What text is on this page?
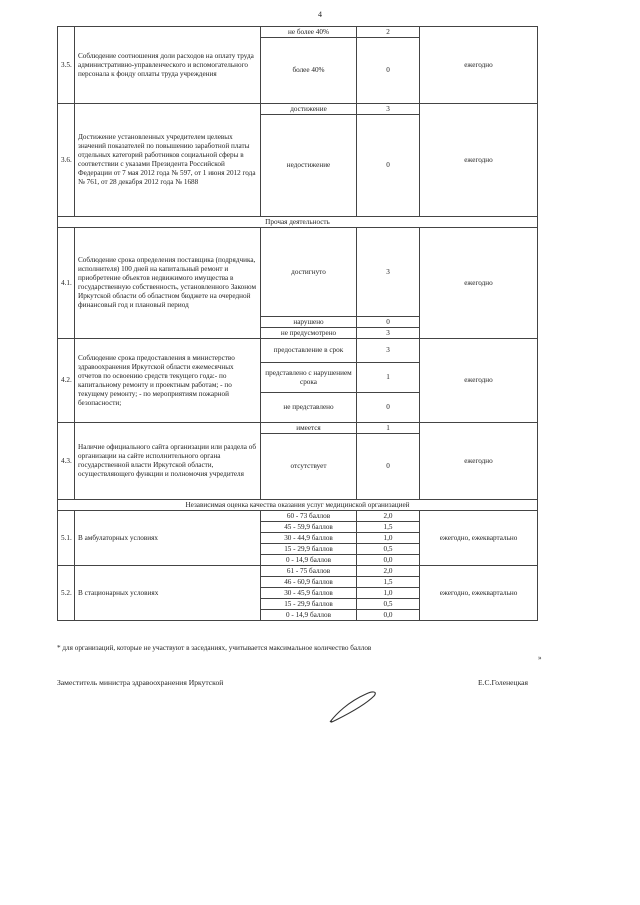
4
3.5.	Соблюдение соотношения доли расходов на оплату труда административно-управленческого и вспомогательного персонала к фонду оплаты труда учреждения	не более 40%	2	ежегодно
		более 40%	0	
3.6.	Достижение установленных учредителем целевых значений показателей по повышению заработной платы отдельных категорий работников социальной сферы в соответствии с указами Президента Российской Федерации от 7 мая 2012 года № 597, от 1 июня 2012 года № 761, от 28 декабря 2012 года № 1688	достижение	3	ежегодно
		недостижение	0	
Прочая деятельность				
4.1.	Соблюдение срока определения поставщика (подрядчика, исполнителя) 100 дней на капитальный ремонт и приобретение объектов недвижимого имущества в государственную собственность, установленного Законом Иркутской области об областном бюджете на очередной финансовый год и плановый период	достигнуто	3	ежегодно
		нарушено	0	
		не предусмотрено	3	
4.2.	Соблюдение срока предоставления в министерство здравоохранения Иркутской области ежемесячных отчетов по освоению средств текущего года:- по капитальному ремонту и проектным работам; - по текущему ремонту; - по мероприятиям пожарной безопасности;	предоставление в срок	3	ежегодно
		представлено с нарушением срока	1	
		не представлено	0	
4.3.	Наличие официального сайта организации или раздела об организации на сайте исполнительного органа государственной власти Иркутской области, осуществляющего функции и полномочия учредителя	имеется	1	ежегодно
		отсутствует	0	
Независимая оценка качества оказания услуг медицинской организацией				
5.1.	В амбулаторных условиях	60 - 73 баллов	2,0	ежегодно, ежеквартально
		45 - 59,9 баллов	1,5	
		30 - 44,9 баллов	1,0	
		15 - 29,9 баллов	0,5	
		0 - 14,9 баллов	0,0	
5.2.	В стационарных условиях	61 - 75 баллов	2,0	ежегодно, ежеквартально
		46 - 60,9 баллов	1,5	
		30 - 45,9 баллов	1,0	
		15 - 29,9 баллов	0,5	
		0 - 14,9 баллов	0,0	
* для организаций, которые не участвуют в заседаниях, учитывается максимальное количество баллов
»
Заместитель министра здравоохранения Иркутской	Е.С.Голенецкая
